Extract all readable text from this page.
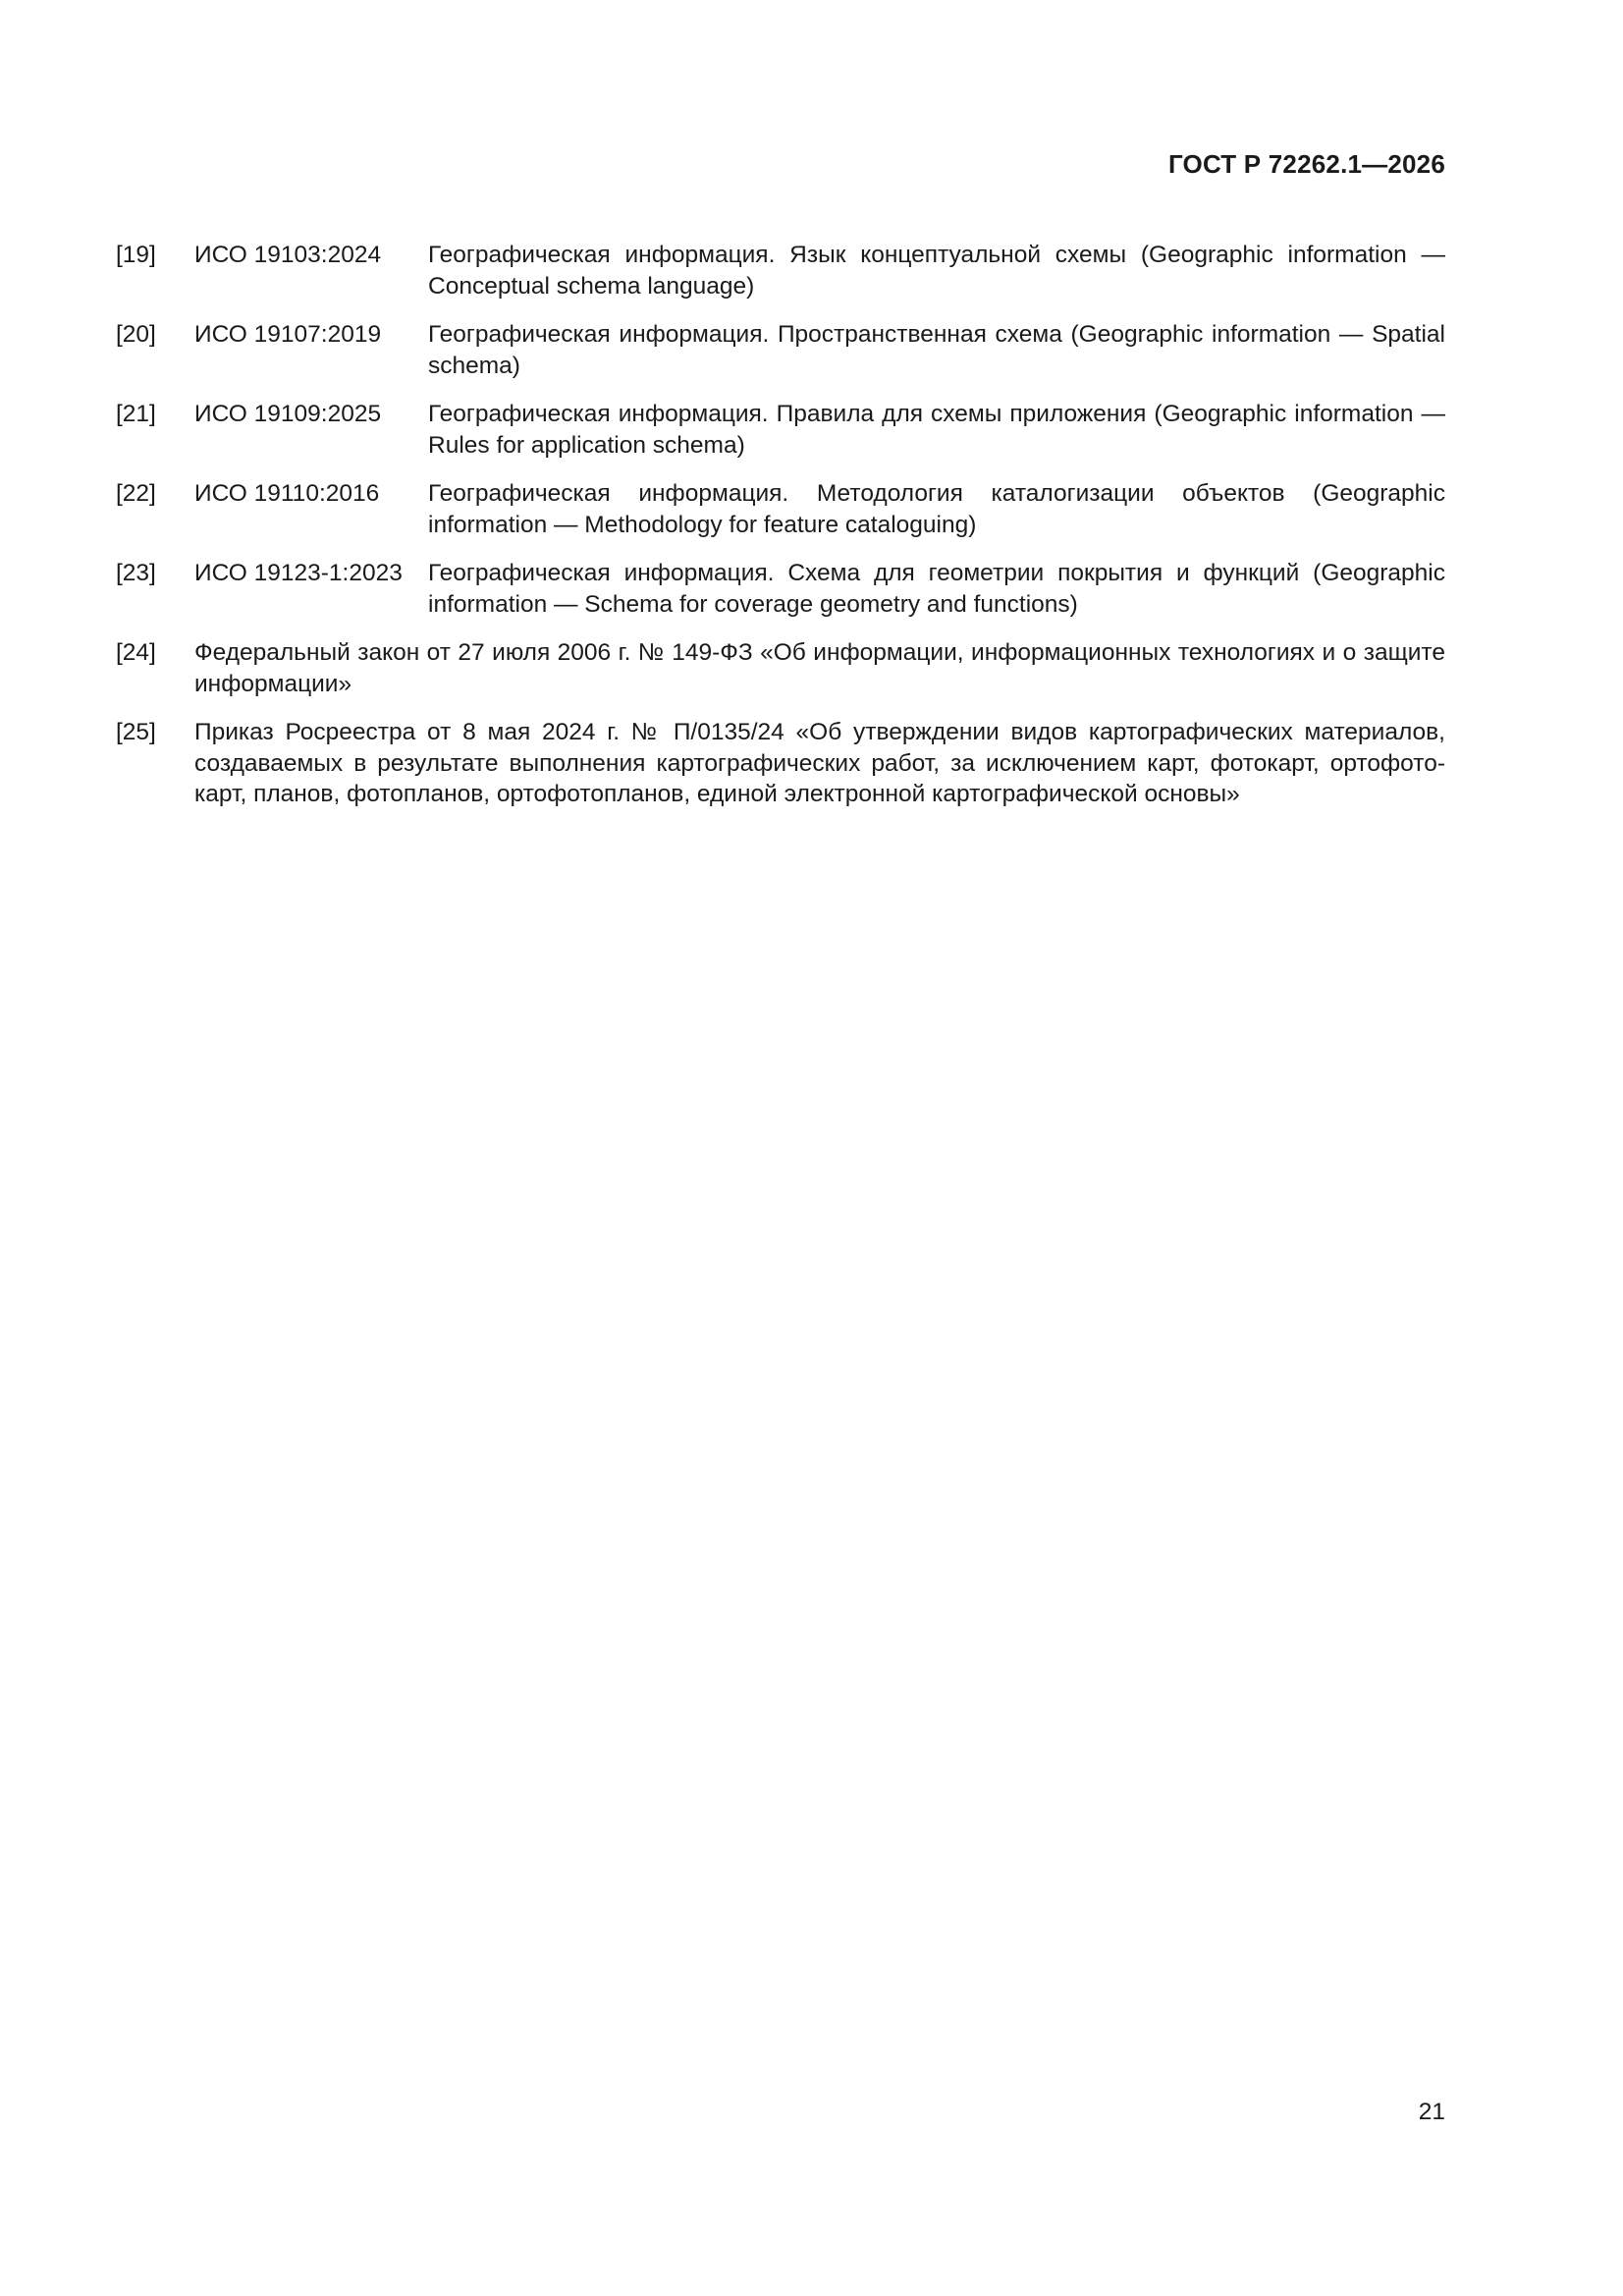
ГОСТ Р 72262.1—2026
[19]	ИСО 19103:2024	Географическая информация. Язык концептуальной схемы (Geographic information — Conceptual schema language)
[20]	ИСО 19107:2019	Географическая информация. Пространственная схема (Geographic information — Spatial schema)
[21]	ИСО 19109:2025	Географическая информация. Правила для схемы приложения (Geographic information — Rules for application schema)
[22]	ИСО 19110:2016	Географическая информация. Методология каталогизации объектов (Geographic information — Methodology for feature cataloguing)
[23]	ИСО 19123-1:2023	Географическая информация. Схема для геометрии покрытия и функций (Geographic information — Schema for coverage geometry and functions)
[24]	Федеральный закон от 27 июля 2006 г. № 149-ФЗ «Об информации, информационных технологиях и о защите информации»
[25]	Приказ Росреестра от 8 мая 2024 г. № П/0135/24 «Об утверждении видов картографических материалов, создаваемых в результате выполнения картографических работ, за исключением карт, фотокарт, ортофотокарт, планов, фотопланов, ортофотопланов, единой электронной картографической основы»
21
